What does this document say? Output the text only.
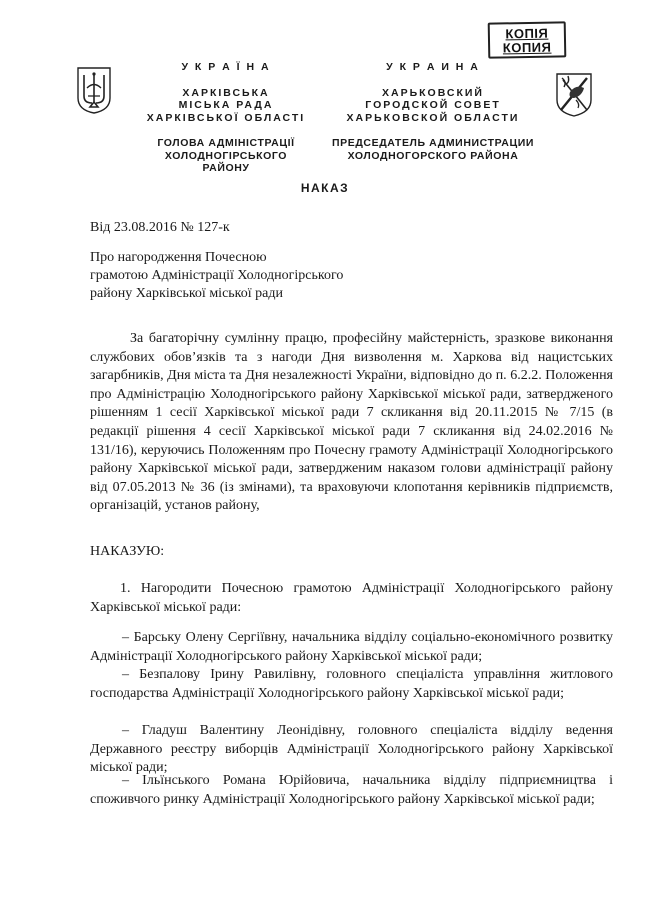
КОПІЯ
КОПИЯ
У К Р А Ї Н А
ХАРКІВСЬКА
МІСЬКА РАДА
ХАРКІВСЬКОЇ ОБЛАСТІ
ГОЛОВА АДМІНІСТРАЦІЇ
ХОЛОДНОГІРСЬКОГО РАЙОНУ
У К Р А И Н А
ХАРЬКОВСКИЙ
ГОРОДСКОЙ СОВЕТ
ХАРЬКОВСКОЙ ОБЛАСТИ
ПРЕДСЕДАТЕЛЬ АДМИНИСТРАЦИИ
ХОЛОДНОГОРСКОГО РАЙОНА
НАКАЗ
Від 23.08.2016 № 127-к
Про нагородження Почесною
грамотою Адміністрації Холодногірського
району Харківської міської ради
За багаторічну сумлінну працю, професійну майстерність, зразкове виконання службових обов’язків та з нагоди Дня визволення м. Харкова від нацистських загарбників, Дня міста та Дня незалежності України, відповідно до п. 6.2.2. Положення про Адміністрацію Холодногірського району Харківської міської ради, затвердженого рішенням 1 сесії Харківської міської ради 7 скликання від 20.11.2015 № 7/15 (в редакції рішення 4 сесії Харківської міської ради 7 скликання від 24.02.2016 № 131/16), керуючись Положенням про Почесну грамоту Адміністрації Холодногірського району Харківської міської ради, затвердженим наказом голови адміністрації району від 07.05.2013 № 36 (із змінами), та враховуючи клопотання керівників підприємств, організацій, установ району,
НАКАЗУЮ:
1. Нагородити Почесною грамотою Адміністрації Холодногірського району Харківської міської ради:
– Барську Олену Сергіївну, начальника відділу соціально-економічного розвитку Адміністрації Холодногірського району Харківської міської ради;
– Безпалову Ірину Равилівну, головного спеціаліста управління житлового господарства Адміністрації Холодногірського району Харківської міської ради;
– Гладуш Валентину Леонідівну, головного спеціаліста відділу ведення Державного реєстру виборців Адміністрації Холодногірського району Харківської міської ради;
– Ільїнського Романа Юрійовича, начальника відділу підприємництва і споживчого ринку Адміністрації Холодногірського району Харківської міської ради;
